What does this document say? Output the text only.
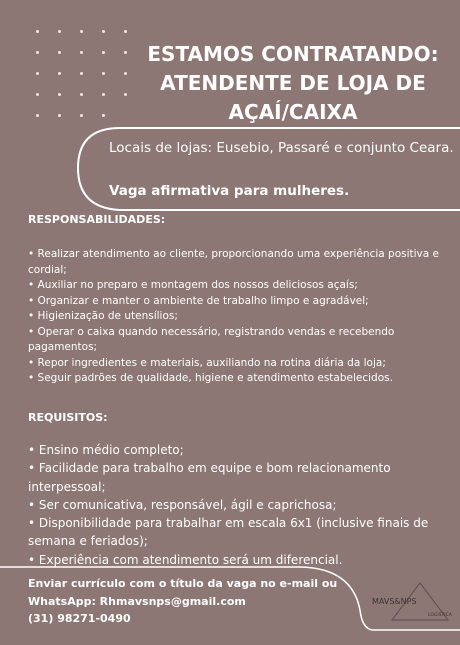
ESTAMOS CONTRATANDO:
ATENDENTE DE LOJA DE
AÇAÍ/CAIXA
Locais de lojas: Eusebio, Passaré e conjunto Ceara.
Vaga afirmativa para mulheres.
RESPONSABILIDADES:
• Realizar atendimento ao cliente, proporcionando uma experiência positiva e cordial;
• Auxiliar no preparo e montagem dos nossos deliciosos açaís;
• Organizar e manter o ambiente de trabalho limpo e agradável;
• Higienização de utensílios;
• Operar o caixa quando necessário, registrando vendas e recebendo pagamentos;
• Repor ingredientes e materiais, auxiliando na rotina diária da loja;
• Seguir padrões de qualidade, higiene e atendimento estabelecidos.
REQUISITOS:
• Ensino médio completo;
• Facilidade para trabalho em equipe e bom relacionamento interpessoal;
• Ser comunicativa, responsável, ágil e caprichosa;
• Disponibilidade para trabalhar em escala 6x1 (inclusive finais de semana e feriados);
• Experiência com atendimento será um diferencial.
Enviar currículo com o título da vaga no e-mail ou
WhatsApp: Rhmavsnps@gmail.com
(31) 98271-0490
MAVS&NPS
LOGISTICA
